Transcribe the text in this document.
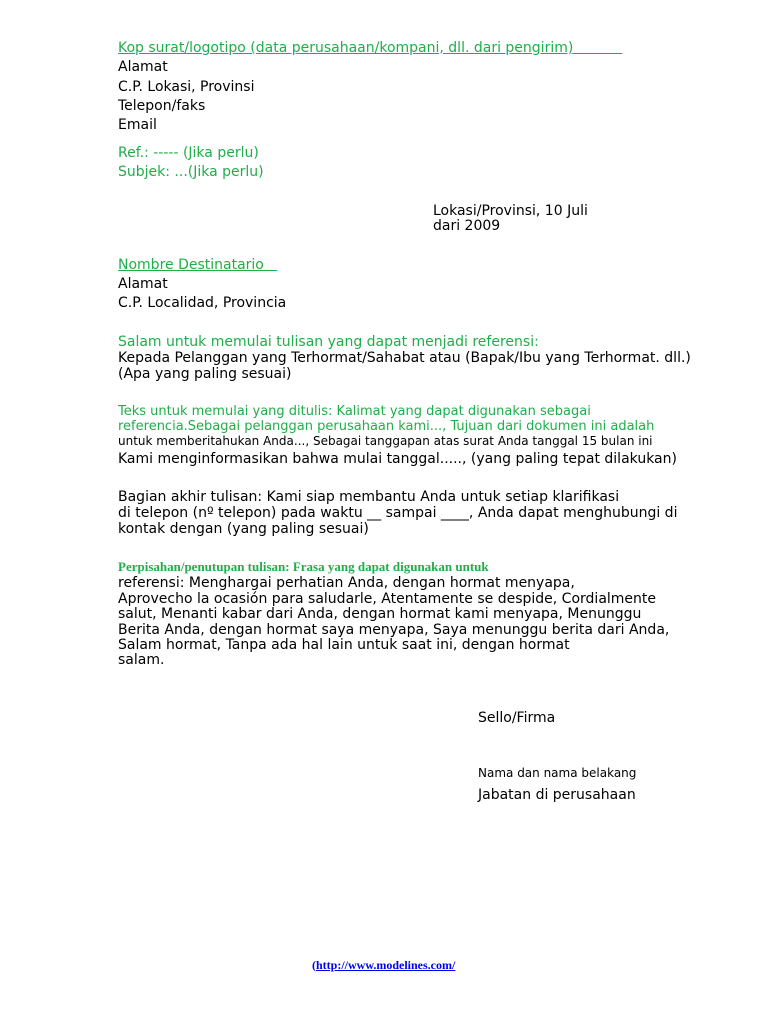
Kop surat/logotipo (data perusahaan/kompani, dll. dari pengirim)
Alamat
C.P. Lokasi, Provinsi
Telepon/faks
Email
Ref.: ----- (Jika perlu)
Subjek: ...(Jika perlu)
Lokasi/Provinsi, 10 Juli
dari 2009
Nombre Destinatario
Alamat
C.P. Localidad, Provincia
Salam untuk memulai tulisan yang dapat menjadi referensi:
Kepada Pelanggan yang Terhormat/Sahabat atau (Bapak/Ibu yang Terhormat. dll.)
(Apa yang paling sesuai)
Teks untuk memulai yang ditulis: Kalimat yang dapat digunakan sebagai
referencia.Sebagai pelanggan perusahaan kami..., Tujuan dari dokumen ini adalah
untuk memberitahukan Anda..., Sebagai tanggapan atas surat Anda tanggal 15 bulan ini
Kami menginformasikan bahwa mulai tanggal....., (yang paling tepat dilakukan)
Bagian akhir tulisan: Kami siap membantu Anda untuk setiap klarifikasi
di telepon (nº telepon) pada waktu __ sampai ____, Anda dapat menghubungi di
kontak dengan (yang paling sesuai)
Perpisahan/penutupan tulisan: Frasa yang dapat digunakan untuk
referensi: Menghargai perhatian Anda, dengan hormat menyapa,
Aprovecho la ocasión para saludarle, Atentamente se despide, Cordialmente
salut, Menanti kabar dari Anda, dengan hormat kami menyapa, Menunggu
Berita Anda, dengan hormat saya menyapa, Saya menunggu berita dari Anda,
Salam hormat, Tanpa ada hal lain untuk saat ini, dengan hormat
salam.
Sello/Firma
Nama dan nama belakang
Jabatan di perusahaan
(http://www.modelines.com/
